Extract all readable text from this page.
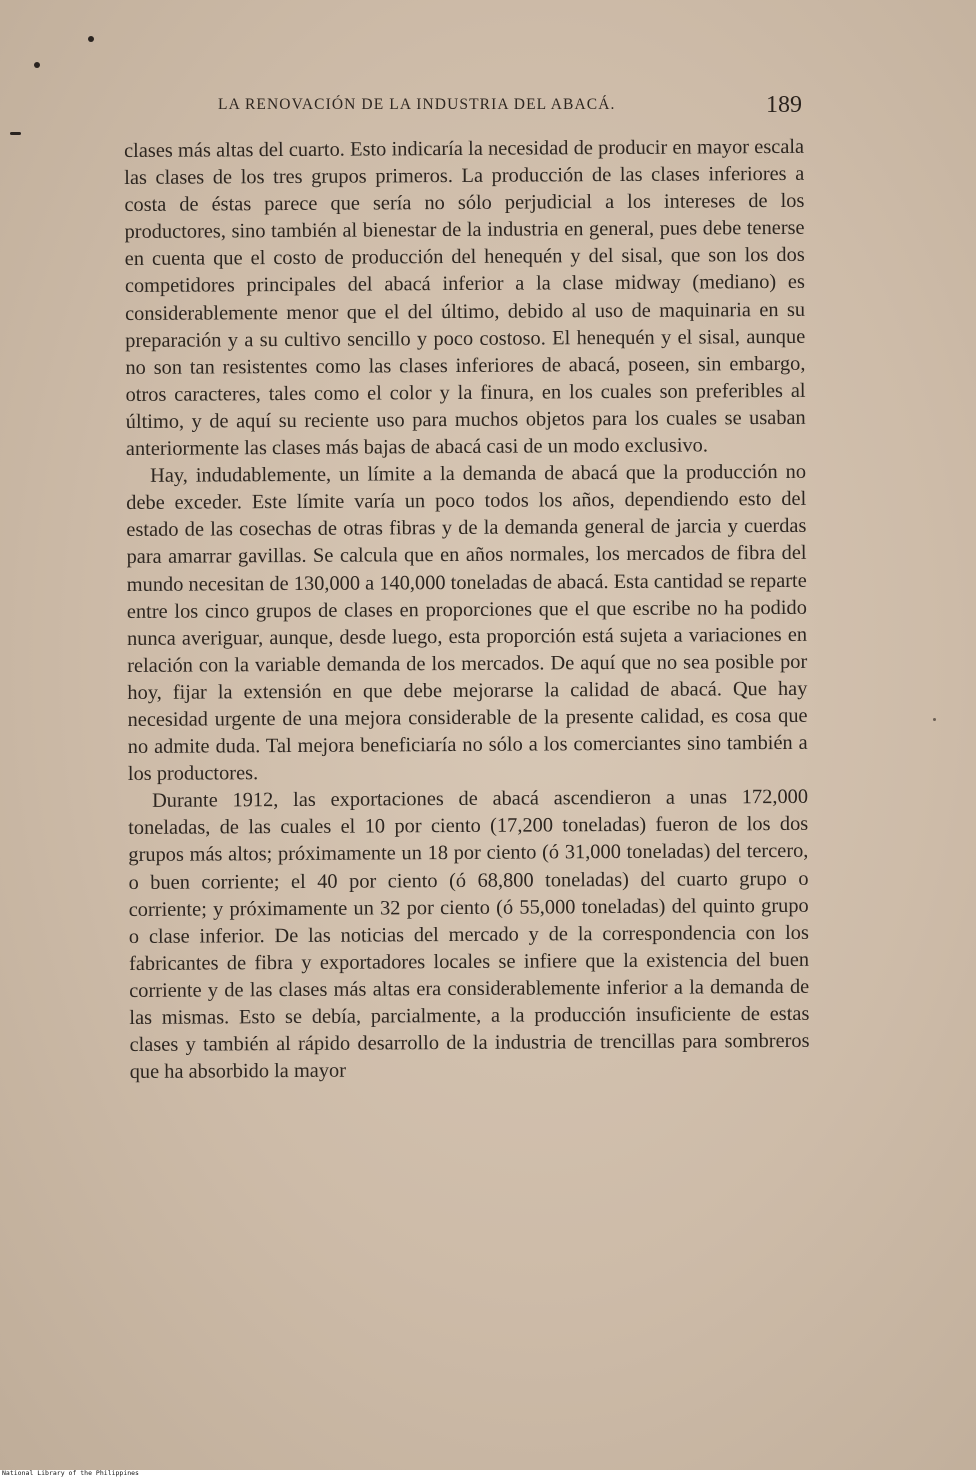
LA RENOVACIÓN DE LA INDUSTRIA DEL ABACÁ.	189

clases más altas del cuarto. Esto indicaría la necesidad de producir en mayor escala las clases de los tres grupos primeros. La producción de las clases inferiores a costa de éstas parece que sería no sólo perjudicial a los intereses de los productores, sino también al bienestar de la industria en general, pues debe tenerse en cuenta que el costo de producción del henequén y del sisal, que son los dos competidores principales del abacá inferior a la clase midway (mediano) es considerablemente menor que el del último, debido al uso de maquinaria en su preparación y a su cultivo sencillo y poco costoso. El henequén y el sisal, aunque no son tan resistentes como las clases inferiores de abacá, poseen, sin embargo, otros caracteres, tales como el color y la finura, en los cuales son preferibles al último, y de aquí su reciente uso para muchos objetos para los cuales se usaban anteriormente las clases más bajas de abacá casi de un modo exclusivo.

Hay, indudablemente, un límite a la demanda de abacá que la producción no debe exceder. Este límite varía un poco todos los años, dependiendo esto del estado de las cosechas de otras fibras y de la demanda general de jarcia y cuerdas para amarrar gavillas. Se calcula que en años normales, los mercados de fibra del mundo necesitan de 130,000 a 140,000 toneladas de abacá. Esta cantidad se reparte entre los cinco grupos de clases en proporciones que el que escribe no ha podido nunca averiguar, aunque, desde luego, esta proporción está sujeta a variaciones en relación con la variable demanda de los mercados. De aquí que no sea posible por hoy, fijar la extensión en que debe mejorarse la calidad de abacá. Que hay necesidad urgente de una mejora considerable de la presente calidad, es cosa que no admite duda. Tal mejora beneficiaría no sólo a los comerciantes sino también a los productores.

Durante 1912, las exportaciones de abacá ascendieron a unas 172,000 toneladas, de las cuales el 10 por ciento (17,200 toneladas) fueron de los dos grupos más altos; próximamente un 18 por ciento (ó 31,000 toneladas) del tercero, o buen corriente; el 40 por ciento (ó 68,800 toneladas) del cuarto grupo o corriente; y próximamente un 32 por ciento (ó 55,000 toneladas) del quinto grupo o clase inferior. De las noticias del mercado y de la correspondencia con los fabricantes de fibra y exportadores locales se infiere que la existencia del buen corriente y de las clases más altas era considerablemente inferior a la demanda de las mismas. Esto se debía, parcialmente, a la producción insuficiente de estas clases y también al rápido desarrollo de la industria de trencillas para sombreros que ha absorbido la mayor

National Library of the Philippines
